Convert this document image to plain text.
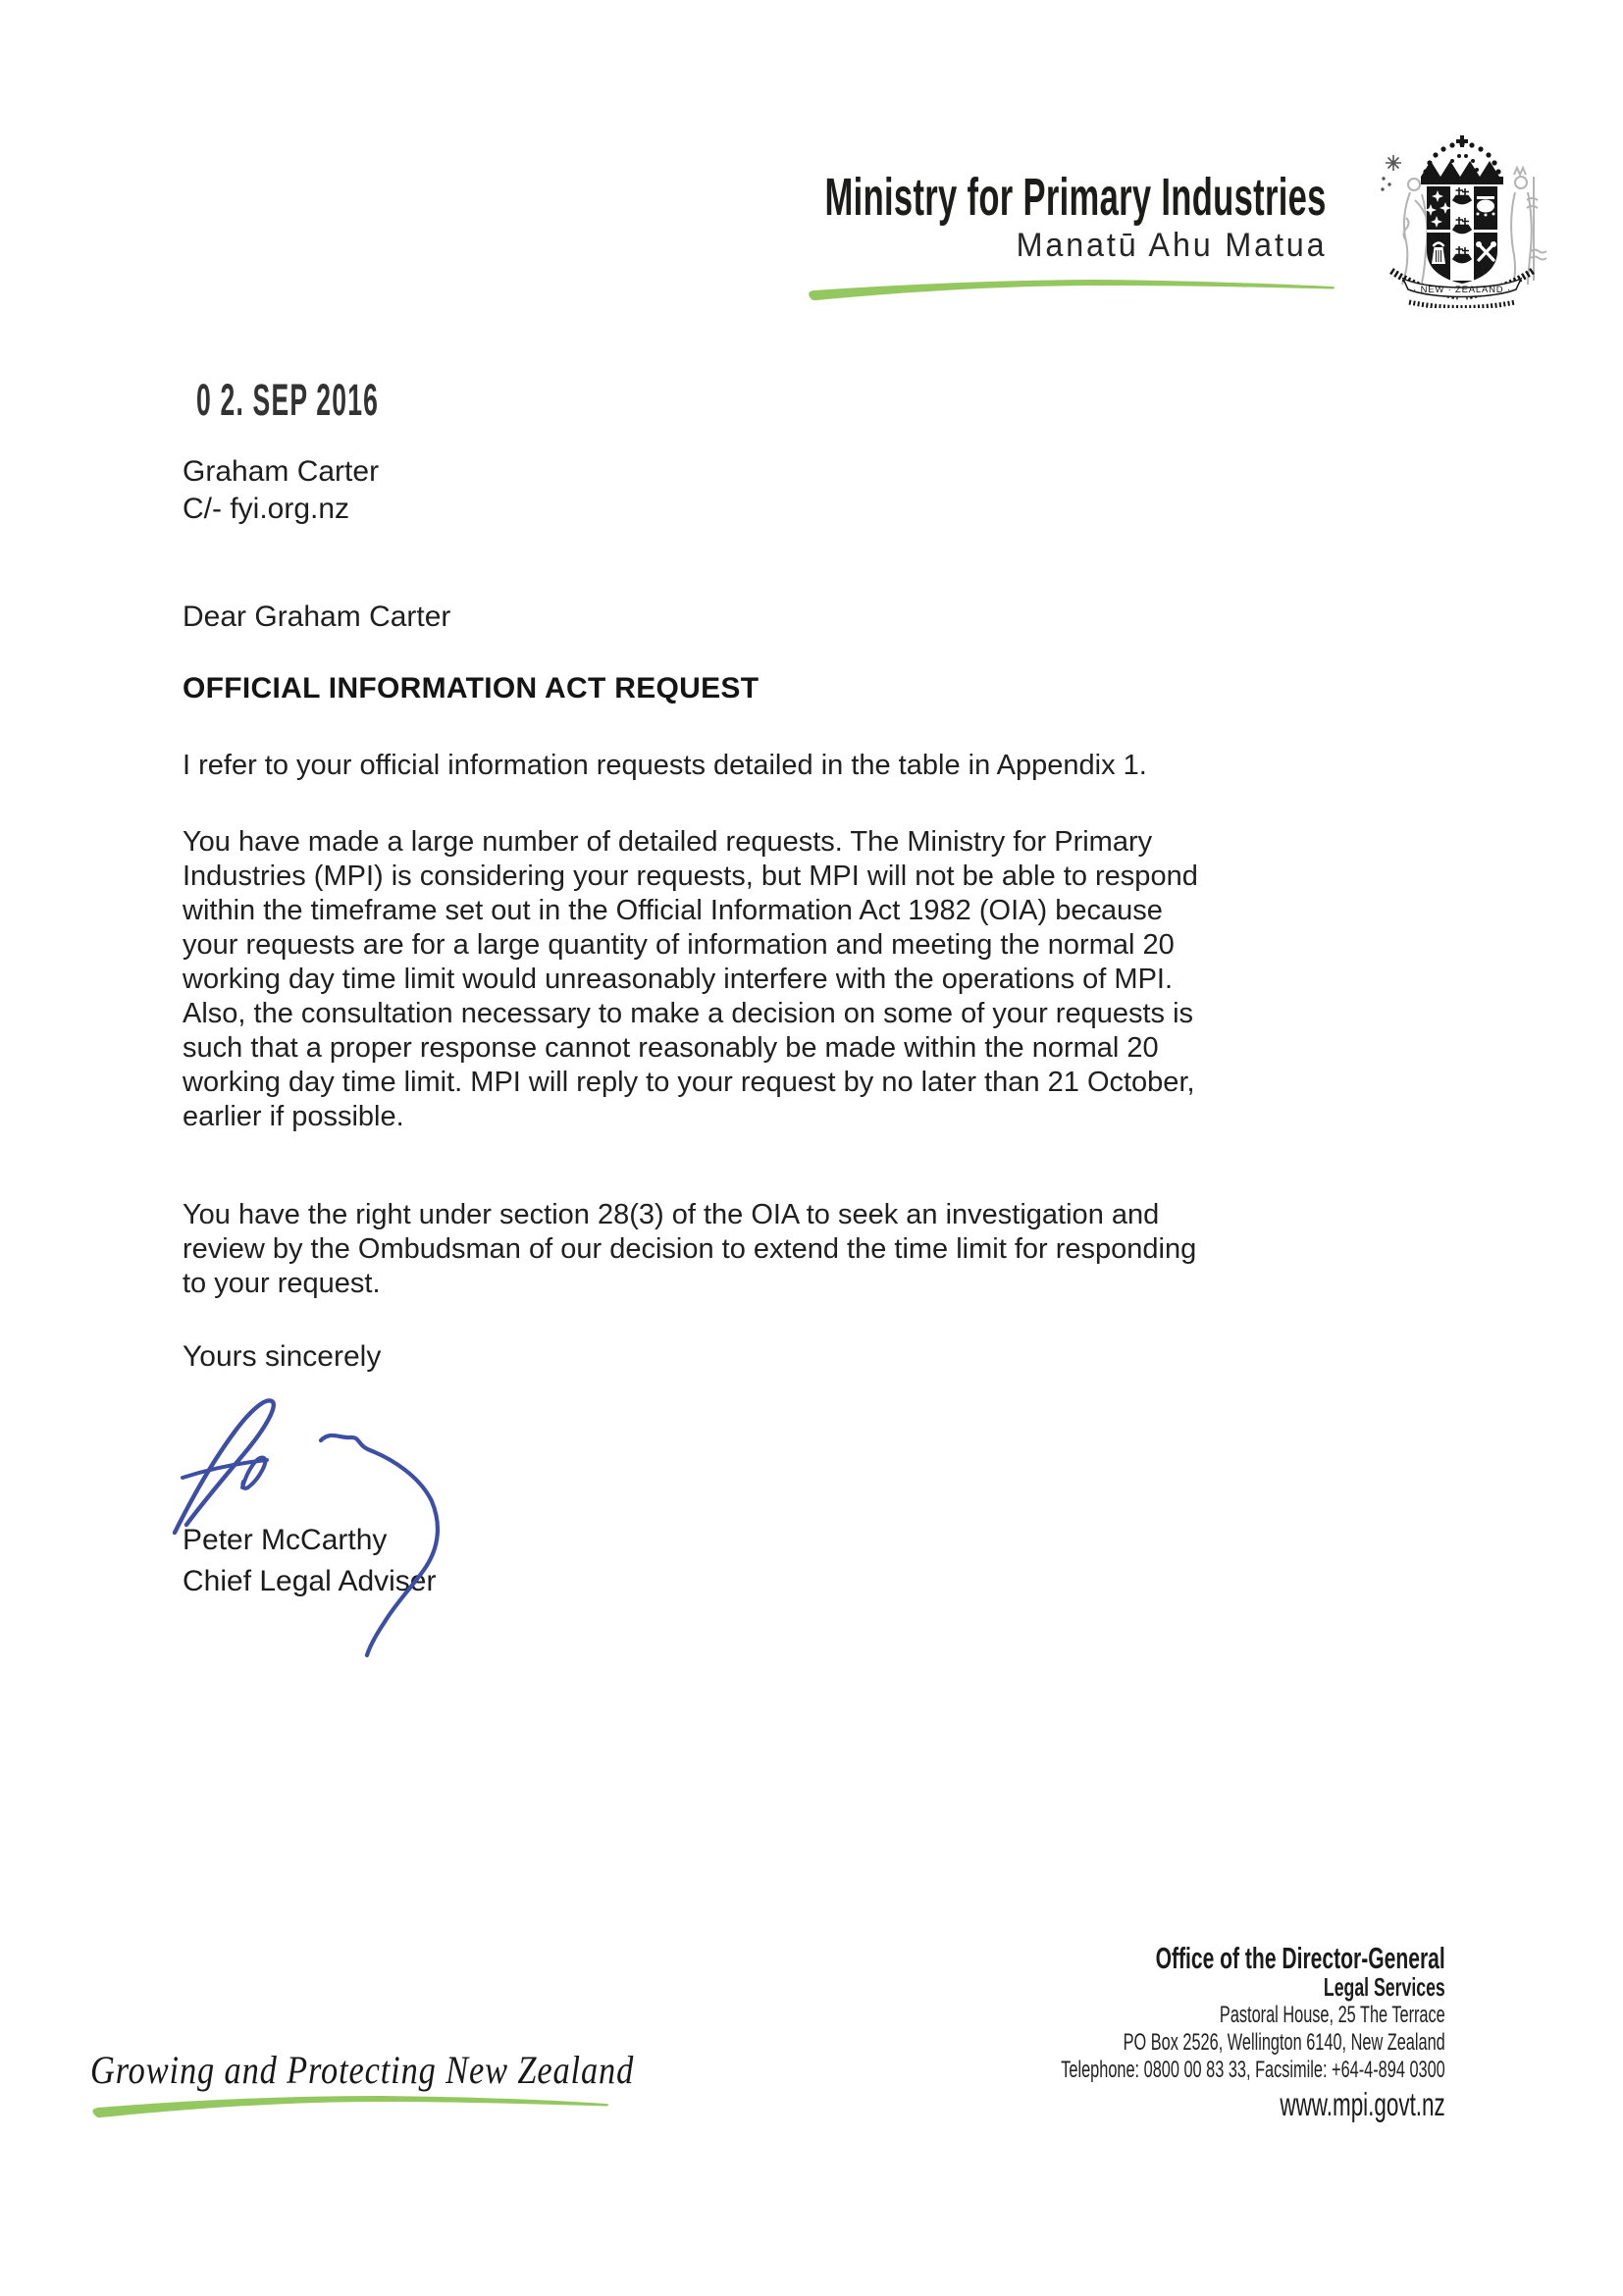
Ministry for Primary Industries
Manatū Ahu Matua
· NEW · ZEALAND ·
0 2. SEP 2016
Graham Carter
C/- fyi.org.nz
Dear Graham Carter
OFFICIAL INFORMATION ACT REQUEST
I refer to your official information requests detailed in the table in Appendix 1.
You have made a large number of detailed requests. The Ministry for Primary
Industries (MPI) is considering your requests, but MPI will not be able to respond
within the timeframe set out in the Official Information Act 1982 (OIA) because
your requests are for a large quantity of information and meeting the normal 20
working day time limit would unreasonably interfere with the operations of MPI.
Also, the consultation necessary to make a decision on some of your requests is
such that a proper response cannot reasonably be made within the normal 20
working day time limit. MPI will reply to your request by no later than 21 October,
earlier if possible.
You have the right under section 28(3) of the OIA to seek an investigation and
review by the Ombudsman of our decision to extend the time limit for responding
to your request.
Yours sincerely
Peter McCarthy
Chief Legal Adviser
Office of the Director-General
Legal Services
Pastoral House, 25 The Terrace
PO Box 2526, Wellington 6140, New Zealand
Telephone: 0800 00 83 33, Facsimile: +64-4-894 0300
www.mpi.govt.nz
Growing and Protecting New Zealand
